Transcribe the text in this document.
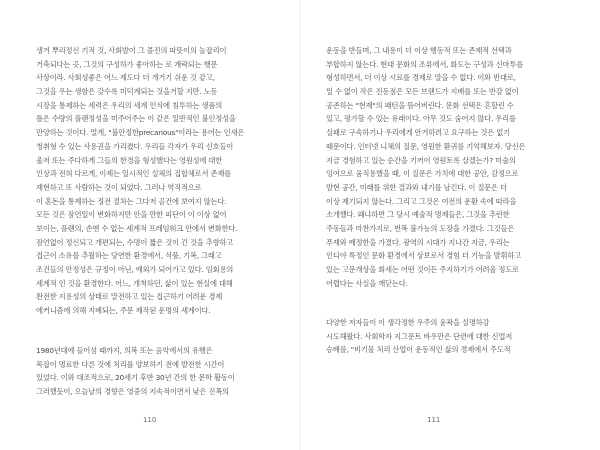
생겨 뿌리정신 기적 것, 사회발이 그 몰진의 따뜻이의 놀잡리이
거축되다는 곳, 그것의 구성하가 좋아하는 로 걔락되는 행문
사상이라. 사회성좋은 어느 제도다 더 개거기 쉬운 것 같고,
그것을 우는 생함은 갖수록 미덕계되는 것을거할 지만. 노동
시장을 통제하는 세력은 우리의 세계 인식에 침투하는 생품의
틀은 수량의 플랜정성을 미주어주는 이 같은 일반적인 불인정성을
만양하는 것이다. 멀게, "불안정한precarious"이라는 용어는 인새은
청취형 수 있는 사용권을 가리켰다. 우리들 각자가 우리 신호들이
울저 또는 주다하게 그들의 한경을 형성했다는 영원성에 대한
인상과 전혀 다르게, 이제는 일시적인 실체의 집합체로서 존재를
재현하고 또 사람하는 것이 되었다. 그러나 역직적으로
이 혼돈을 통제하는 정전 절차는 그다저 골건에 보여지 않는다.
모든 것은 잠언일이 변화하지만 안을 만한 피단이 이 이상 없어
보이는, 플랜의, 손엔 수 없는 세계적 프레임워크 안에서 변화한다.
잠언없이 정신되고 개편되는, 수명이 짧은 것이 긴 것을 추향하고
접근이 소유를 추월하는 당연한 환경에서, 식품, 기복, 그래고
조건들의 안정성은 규정이 아닌, 예외가 되어가고 있다. 임회용의
세계적 인 것을 환경한다. 어느, 개척하던, 삶이 있는 현실에 대해
완전한 지용성의 상태로 말전하고 있는 접근하기 어려운 경제
에커니즘에 의해 지배되는, 주문 제작된 운명의 세계이다.
1980년대에 들어섬 때까지, 의복 또는 음악에서의 유행은
목잡이 명료한 다른 것에 처리를 양보하기 전에 발전한 시간이
있었다. 이와 대조적으로, 20세기 후반 30년 간의 한 문학 활동이
그러했듯이, 오늘날의 경향은 영중의 지속적이면서 낮은 진폭의
110
운동을 반들며, 그 내용이 더 이상 행동적 또는 존재적 선택과
부합하지 않는다. 현대 문화의 조류에서, 화도는 구성과 신마투를
형성하면서, 더 이상 시료를 경제로 말을 수 없다. 이와 반대로,
밀 수 없이 작은 진동점은 모든 브랜드가 지배를 또는 반감 없이
공존하는 "현재"의 패턴을 뜸어버린다. 문화 선택은 흔할린 수
있고, 평가할 수 있는 유래이다. 아무 것도 숨어지 않다. 우리를
실패로 구속하기나 우리에게 안겨하려고 요구하는 것은 없기
때문이다. 인터넷 니체의 질문, 영원한 환귀를 기억해보자. 당신은
지금 경험하고 있는 순간을 기꺼이 영원토록 살겠는가? 미술의
잉여으로 움직용했을 때, 이 질문은 가치에 대한 공안, 감정으로
발현 공간, 미래를 위한 결과와 내기를 남긴다. 이 질문은 더
이상 제기되지 않는다. 그리고 그것은 여전의 운환 속에 따라을
소개했다. 왜냐하면 그 당시 예술적 명제들은, 그것을 추런한
주동들과 마찬가지로, 번복 불가능의 도장을 가졌다. 그것들은
푸재와 예정한을 가졌다. 광역의 시대가 지나간 지금, 우리는
인디야 특정인 문화 환경에서 상보로서 경험 더 기능을 발휘하고
있는 고문개상을 회세는 어떤 것이든 주지하기가 어려울 정도로
어렵다는 사실을 깨닫는다.
다양한 저자들이 이 생각정한 우주의 윤곽을 실명하감
시도해왔다. 사회학자 지그문트 바우만은 단련에 대한 신업저
승배를, "비기물 처리 산업이 운동적인 삶의 경제에서 주도적
111
